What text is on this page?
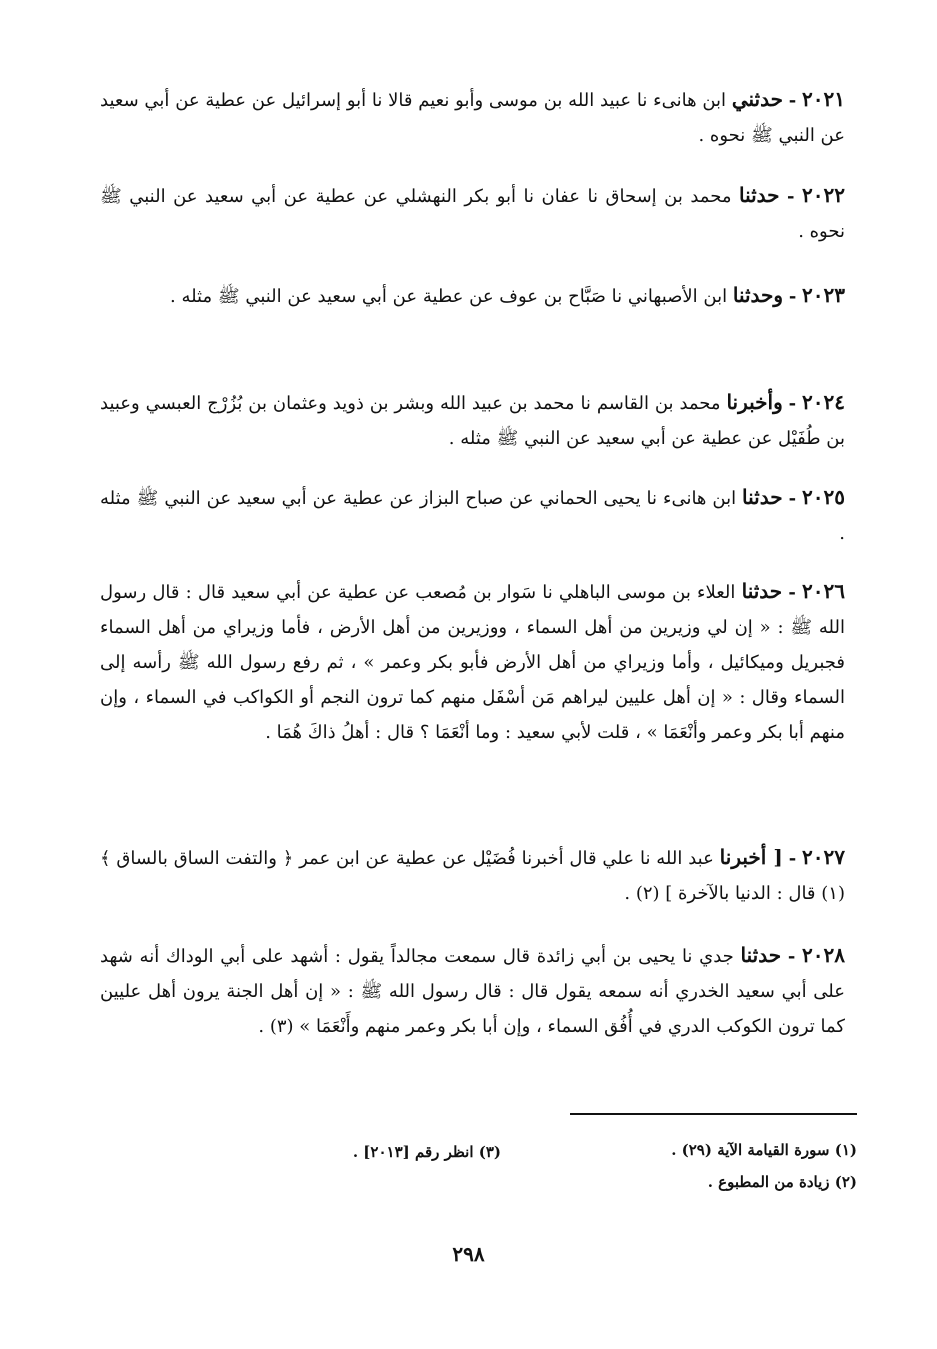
٢٠٢١ - حدثني ابن هانىء نا عبيد الله بن موسى وأبو نعيم قالا نا أبو إسرائيل عن عطية عن أبي سعيد عن النبي ﷺ نحوه .

٢٠٢٢ - حدثنا محمد بن إسحاق نا عفان نا أبو بكر النهشلي عن عطية عن أبي سعيد عن النبي ﷺ نحوه .

٢٠٢٣ - وحدثنا ابن الأصبهاني نا صَبَّاح بن عوف عن عطية عن أبي سعيد عن النبي ﷺ مثله .

٢٠٢٤ - وأخبرنا محمد بن القاسم نا محمد بن عبيد الله وبشر بن ذويد وعثمان بن بُزُرْج العبسي وعبيد بن طُفَيْل عن عطية عن أبي سعيد عن النبي ﷺ مثله .

٢٠٢٥ - حدثنا ابن هانىء نا يحيى الحماني عن صباح البزاز عن عطية عن أبي سعيد عن النبي ﷺ مثله .

٢٠٢٦ - حدثنا العلاء بن موسى الباهلي نا سَوار بن مُصعب عن عطية عن أبي سعيد قال : قال رسول الله ﷺ : « إن لي وزيرين من أهل السماء ، ووزيرين من أهل الأرض ، فأما وزيراي من أهل السماء فجبريل وميكائيل ، وأما وزيراي من أهل الأرض فأبو بكر وعمر » ، ثم رفع رسول الله ﷺ رأسه إلى السماء وقال : « إن أهل عليين ليراهم مَن أسْفَل منهم كما ترون النجم أو الكواكب في السماء ، وإن منهم أبا بكر وعمر وأنْعَمَا » ، قلت لأبي سعيد : وما أنْعَمَا ؟ قال : أهلُ ذاكَ هُمَا .

٢٠٢٧ - [ أخبرنا عبد الله نا علي قال أخبرنا فُضَيْل عن عطية عن ابن عمر ﴿ والتفت الساق بالساق ﴾ (١) قال : الدنيا بالآخرة ] (٢) .

٢٠٢٨ - حدثنا جدي نا يحيى بن أبي زائدة قال سمعت مجالداً يقول : أشهد على أبي الوداك أنه شهد على أبي سعيد الخدري أنه سمعه يقول قال : قال رسول الله ﷺ : « إن أهل الجنة يرون أهل عليين كما ترون الكوكب الدري في أُفُق السماء ، وإن أبا بكر وعمر منهم وأَنْعَمَا » (٣) .

(١) سورة القيامة الآية (٢٩) .
(٢) زيادة من المطبوع .
(٣) انظر رقم [٢٠١٣] .
٢٩٨
